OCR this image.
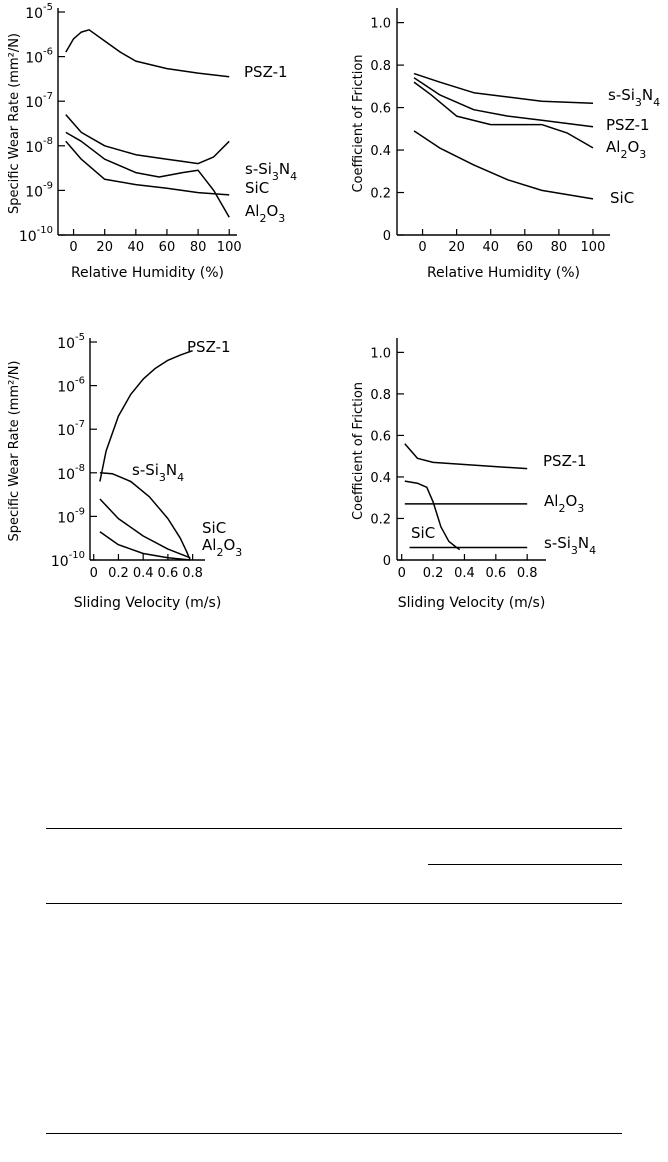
$10^{-10}$
$10^{-9}$
$10^{-8}$
$10^{-7}$
$10^{-6}$
$10^{-5}$
0 20 40 60 80 100
Relative Humidity (%)
Specific Wear Rate (mm²/N)	PSZ-1
$s-Si_3N_4$
SiC
$Al_2O_3$
0
0.2
0.4
0.6
0.8
1.0
0 20 40 60 80 100
Relative Humidity (%)
Coefficient of Friction	$s-Si_3N_4$
PSZ-1
$Al_2O_3$
SiC
$10^{-10}$
$10^{-9}$
$10^{-8}$
$10^{-7}$
$10^{-6}$
$10^{-5}$
0 0.2 0.4 0.6 0.8
Sliding Velocity (m/s)
Specific Wear Rate (mm²/N)
PSZ-1
$s-Si_3N_4$
SiC
$Al_2O_3$
0
0.2
0.4
0.6
0.8
1.0
0 0.2 0.4 0.6 0.8
Sliding Velocity (m/s)
Coefficient of Friction	PSZ-1
$Al_2O_3$
SiC
$s-Si_3N_4$
